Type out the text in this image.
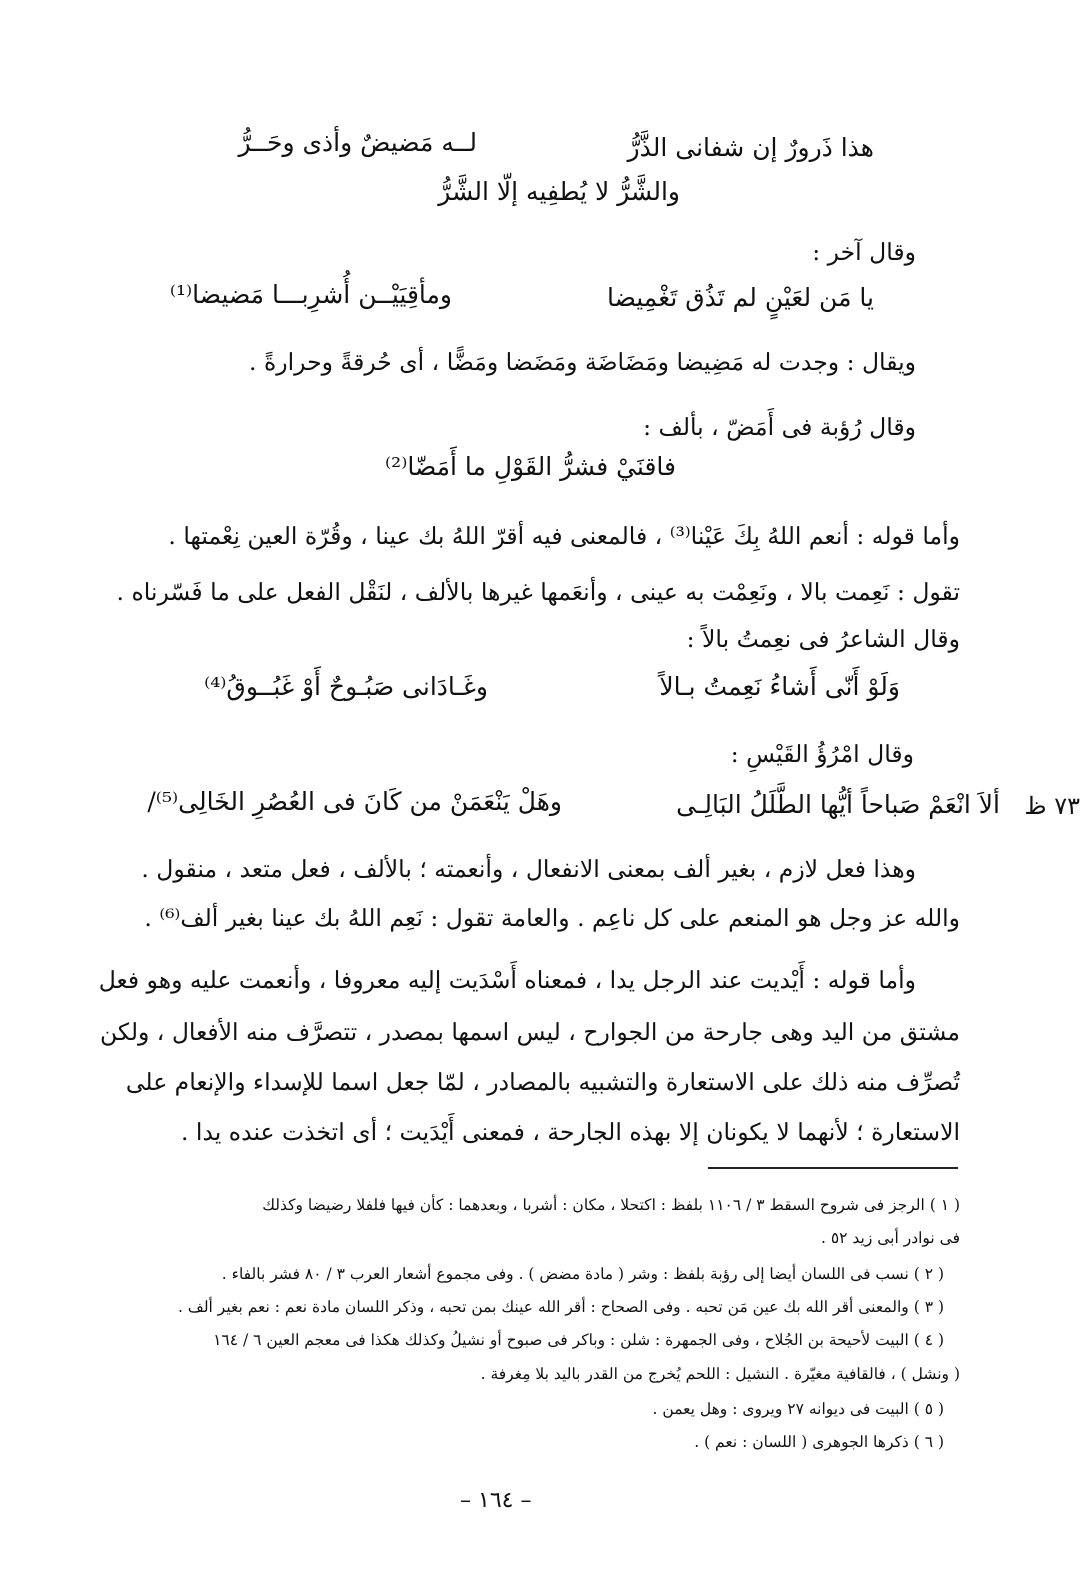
هذا ذَرورٌ إن شفانى الذَّرُّ
لــه مَضيضٌ وأذى وحَــرُّ
والشَّرُّ لا يُطفِيه إلّا الشَّرُّ
وقال آخر :
يا مَن لعَيْنٍ لم تَذُق تَغْمِيضا
ومأقِيَيْــن أُشرِبـــا مَضيضا⁽¹⁾
ويقال : وجدت له مَضِيضا ومَضَاضَة ومَضَضا ومَضًّا ، أى حُرقةً وحرارةً .
وقال رُؤبة فى أَمَضّ ، بألف :
فاقنَيْ فشرُّ القَوْلِ ما أَمَضّا⁽²⁾
وأما قوله : أنعم اللهُ بِكَ عَيْنا⁽³⁾ ، فالمعنى فيه أقرّ اللهُ بك عينا ، وقُرّة العين نِعْمتها .
تقول : نَعِمت بالا ، ونَعِمْت به عينى ، وأنعَمها غيرها بالألف ، لنَقْل الفعل على ما فَسّرناه .
وقال الشاعرُ فى نعِمتُ بالاً :
وَلَوْ أَنّى أَشاءُ نَعِمتُ بـالاً
وغَـادَانى صَبُـوحٌ أَوْ غَبُــوقُ⁽⁴⁾
وقال امْرُؤُ القَيْسِ :
٧٣ ظ
ألاَ انْعَمْ صَباحاً أيُّها الطَّلَلُ البَالِـى
وهَلْ يَنْعَمَنْ من كَانَ فى العُصُرِ الخَالِى⁽⁵⁾/
وهذا فعل لازم ، بغير ألف بمعنى الانفعال ، وأنعمته ؛ بالألف ، فعل متعد ، منقول .
والله عز وجل هو المنعم على كل ناعِم . والعامة تقول : نَعِم اللهُ بك عينا بغير ألف⁽⁶⁾ .
وأما قوله : أَيْديت عند الرجل يدا ، فمعناه أَسْدَيت إليه معروفا ، وأنعمت عليه وهو فعل
مشتق من اليد وهى جارحة من الجوارح ، ليس اسمها بمصدر ، تتصرَّف منه الأفعال ، ولكن
تُصرِّف منه ذلك على الاستعارة والتشبيه بالمصادر ، لمّا جعل اسما للإسداء والإنعام على
الاستعارة ؛ لأنهما لا يكونان إلا بهذه الجارحة ، فمعنى أَيْدَيت ؛ أى اتخذت عنده يدا .
( ١ ) الرجز فى شروح السقط ٣ / ١١٠٦ بلفظ : اكتحلا ، مكان : أشربا ، وبعدهما : كأن فيها فلفلا رضيضا وكذلك
فى نوادر أبى زيد ٥٢ .
( ٢ ) نسب فى اللسان أيضا إلى رؤبة بلفظ : وشر ( مادة مضض ) . وفى مجموع أشعار العرب ٣ / ٨٠ فشر بالفاء .
( ٣ ) والمعنى أقر الله بك عين مَن تحبه . وفى الصحاح : أقر الله عينك بمن تحبه ، وذكر اللسان مادة نعم : نعم بغير ألف .
( ٤ ) البيت لأحيحة بن الجُلاح ، وفى الجمهرة : شلن : وباكر فى صبوح أو نشيلُ وكذلك هكذا فى معجم العين ٦ / ١٦٤
( ونشل ) ، فالقافية مغيّرة . النشيل : اللحم يُخرج من القدر باليد بلا مِغرفة .
( ٥ ) البيت فى ديوانه ٢٧ ويروى : وهل يعمن .
( ٦ ) ذكرها الجوهرى ( اللسان : نعم ) .
– ١٦٤ –
